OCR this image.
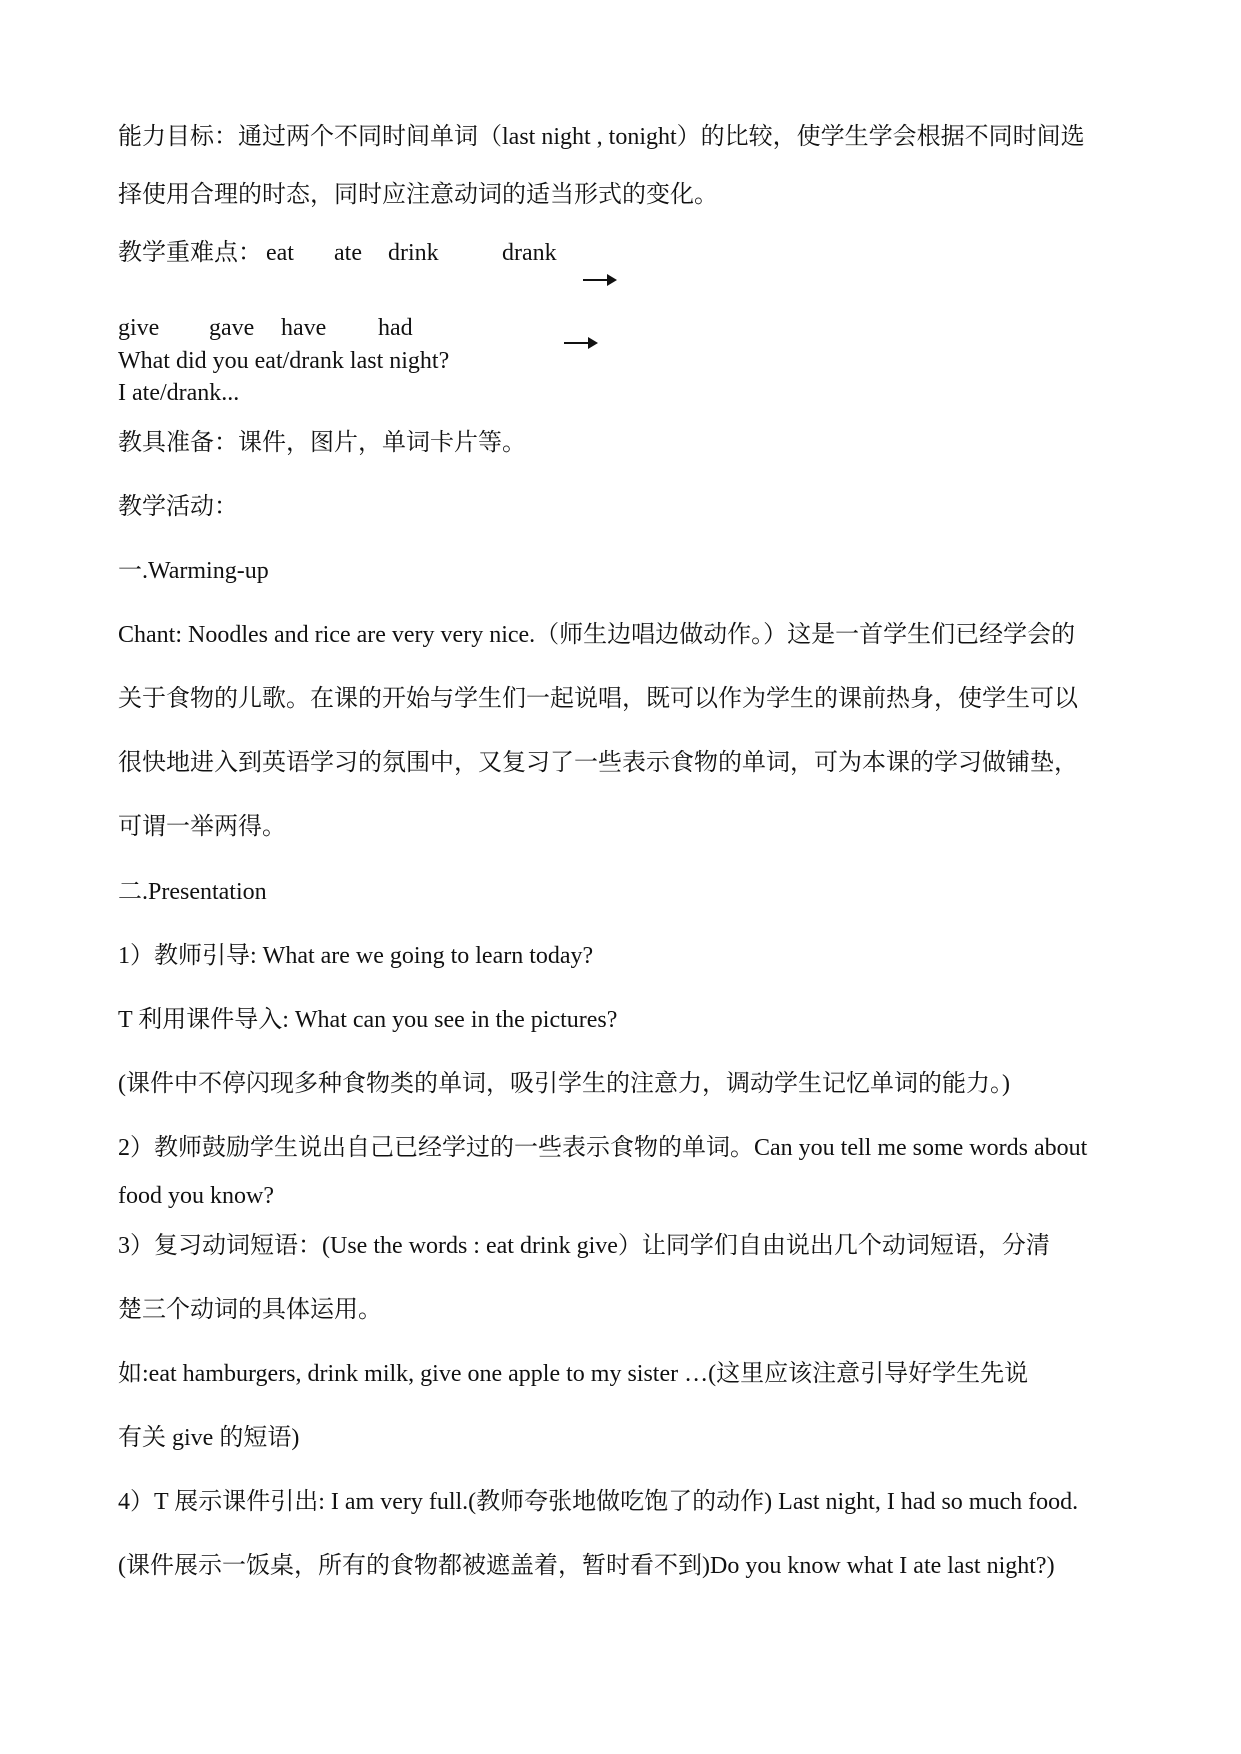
能力目标：通过两个不同时间单词（last night , tonight）的比较，使学生学会根据不同时间选
择使用合理的时态，同时应注意动词的适当形式的变化。
教学重难点： eat ate drink	drank
give gave have had
What did you eat/drank last night?
I ate/drank...
教具准备：课件，图片，单词卡片等。
教学活动：
一.Warming-up
Chant: Noodles and rice are very very nice.（师生边唱边做动作。）这是一首学生们已经学会的
关于食物的儿歌。在课的开始与学生们一起说唱，既可以作为学生的课前热身，使学生可以
很快地进入到英语学习的氛围中，又复习了一些表示食物的单词，可为本课的学习做铺垫，
可谓一举两得。
二.Presentation
1）教师引导: What are we going to learn today?
T 利用课件导入: What can you see in the pictures?
(课件中不停闪现多种食物类的单词，吸引学生的注意力，调动学生记忆单词的能力。)
2）教师鼓励学生说出自己已经学过的一些表示食物的单词。Can you tell me some words about
food you know?
3）复习动词短语：(Use the words : eat drink give）让同学们自由说出几个动词短语，分清
楚三个动词的具体运用。
如:eat hamburgers, drink milk, give one apple to my sister …(这里应该注意引导好学生先说
有关 give 的短语)
4）T 展示课件引出: I am very full.(教师夸张地做吃饱了的动作) Last night, I had so much food.
(课件展示一饭桌，所有的食物都被遮盖着，暂时看不到)Do you know what I ate last night?)
